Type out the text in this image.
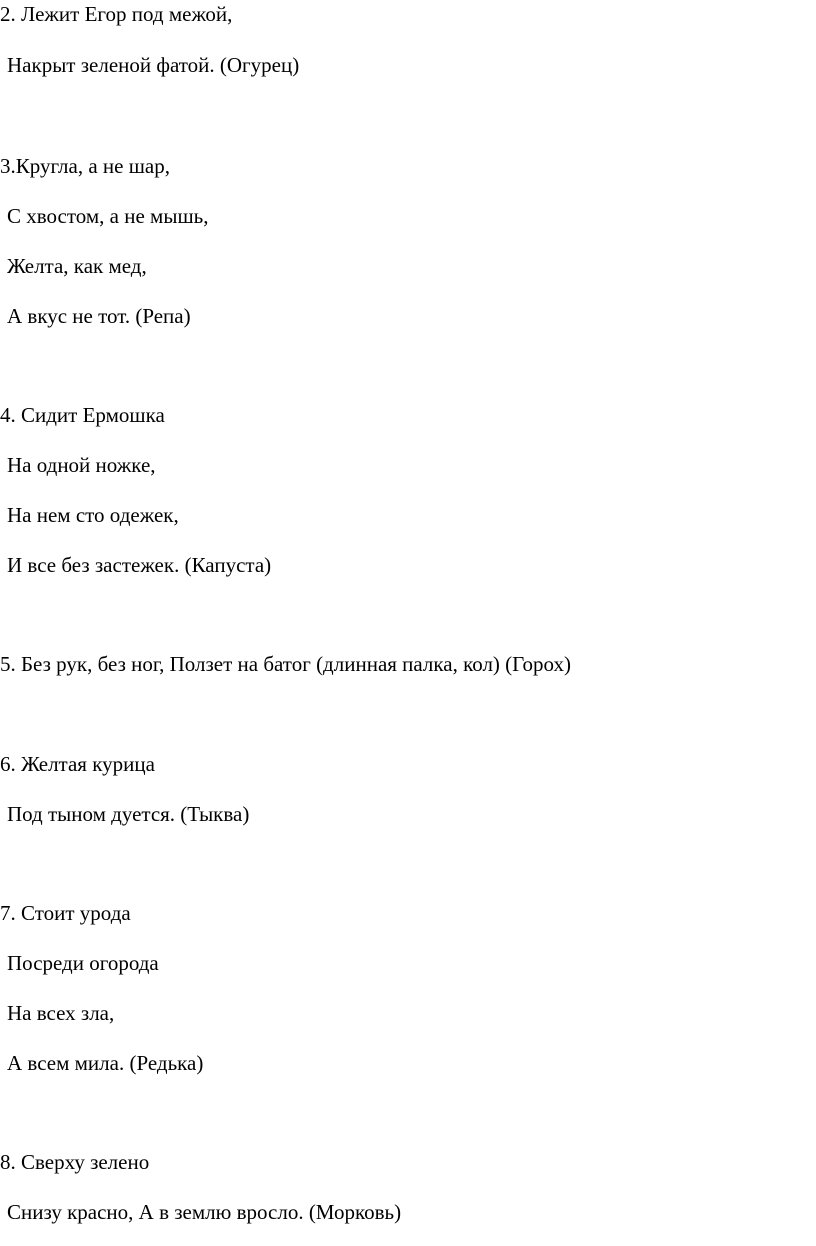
2. Лежит Егор под межой,
Накрыт зеленой фатой. (Огурец)
3.Кругла, а не шар,
С хвостом, а не мышь,
Желта, как мед,
А вкус не тот. (Репа)
4. Сидит Ермошка
На одной ножке,
На нем сто одежек,
И все без застежек. (Капуста)
5. Без рук, без ног, Ползет на батог (длинная палка, кол) (Горох)
6. Желтая курица
Под тыном дуется. (Тыква)
7. Стоит урода
Посреди огорода
На всех зла,
А всем мила. (Редька)
8. Сверху зелено
Снизу красно, А в землю вросло. (Морковь)
